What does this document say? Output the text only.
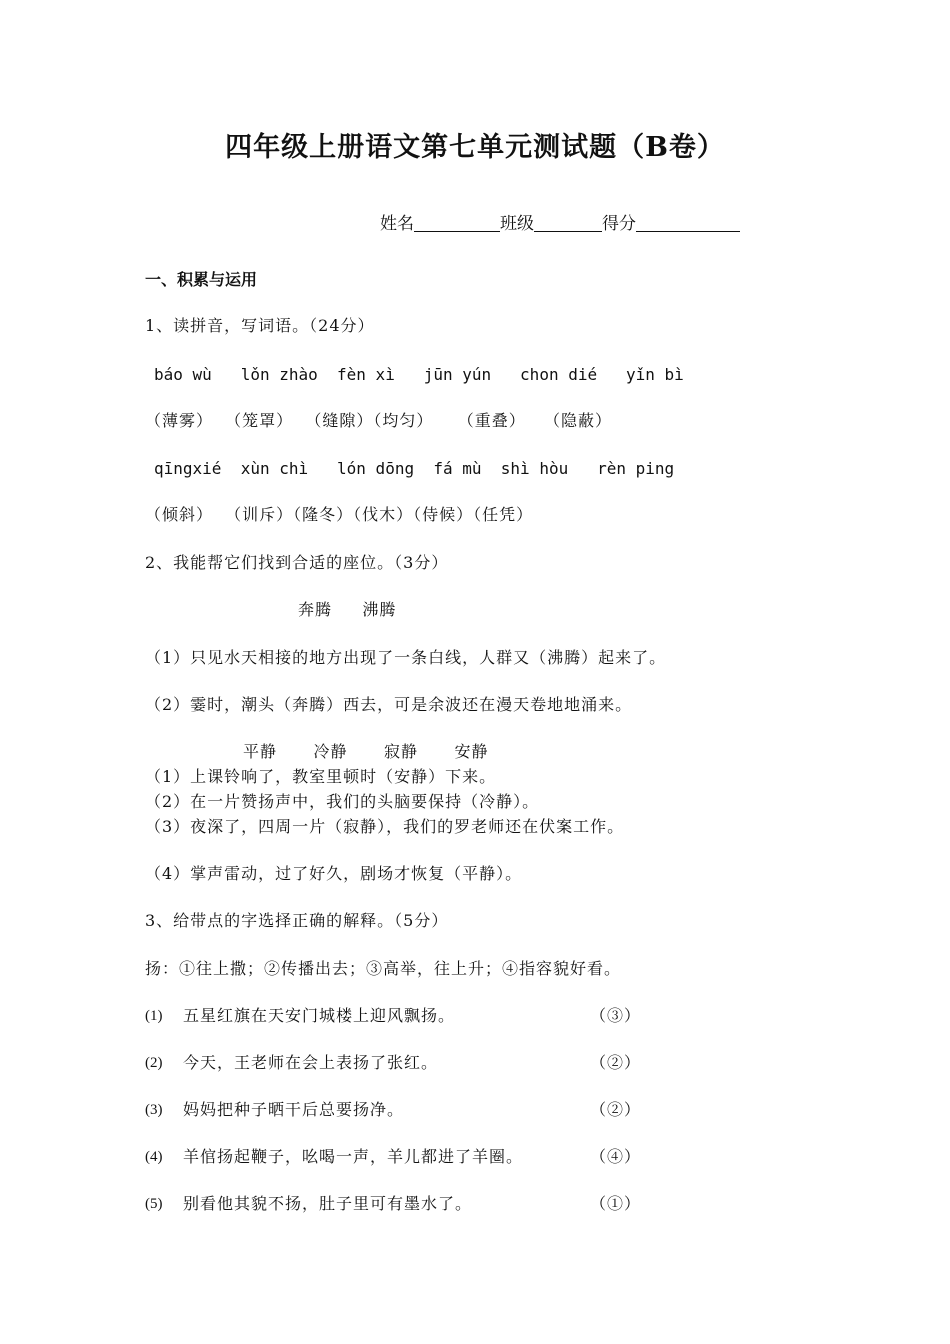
四年级上册语文第七单元测试题（B卷）
姓名	班级	得分
一、积累与运用
1、读拼音，写词语。（24分）
báo wù   lǒn zhào  fèn xì   jūn yún   chon dié   yǐn bì
（薄雾）  （笼罩）  （缝隙）（均匀）    （重叠）   （隐蔽）
qīngxié  xùn chì   lón dōng  fá mù  shì hòu   rèn ping
（倾斜）  （训斥）（隆冬）（伐木）（侍候）（任凭）
2、我能帮它们找到合适的座位。（3分）
奔腾     沸腾
（1）只见水天相接的地方出现了一条白线，人群又（沸腾）起来了。
（2）霎时，潮头（奔腾）西去，可是余波还在漫天卷地地涌来。
平静      冷静      寂静      安静
（1）上课铃响了，教室里顿时（安静）下来。
（2）在一片赞扬声中，我们的头脑要保持（冷静）。
（3）夜深了，四周一片（寂静），我们的罗老师还在伏案工作。
（4）掌声雷动，过了好久，剧场才恢复（平静）。
3、给带点的字选择正确的解释。（5分）
扬：①往上撒；②传播出去；③高举，往上升；④指容貌好看。
(1) 五星红旗在天安门城楼上迎风飘扬。	（③）
(2) 今天，王老师在会上表扬了张红。	（②）
(3) 妈妈把种子晒干后总要扬净。	（②）
(4) 羊倌扬起鞭子，吆喝一声，羊儿都进了羊圈。	（④）
(5) 别看他其貌不扬，肚子里可有墨水了。	（①）
